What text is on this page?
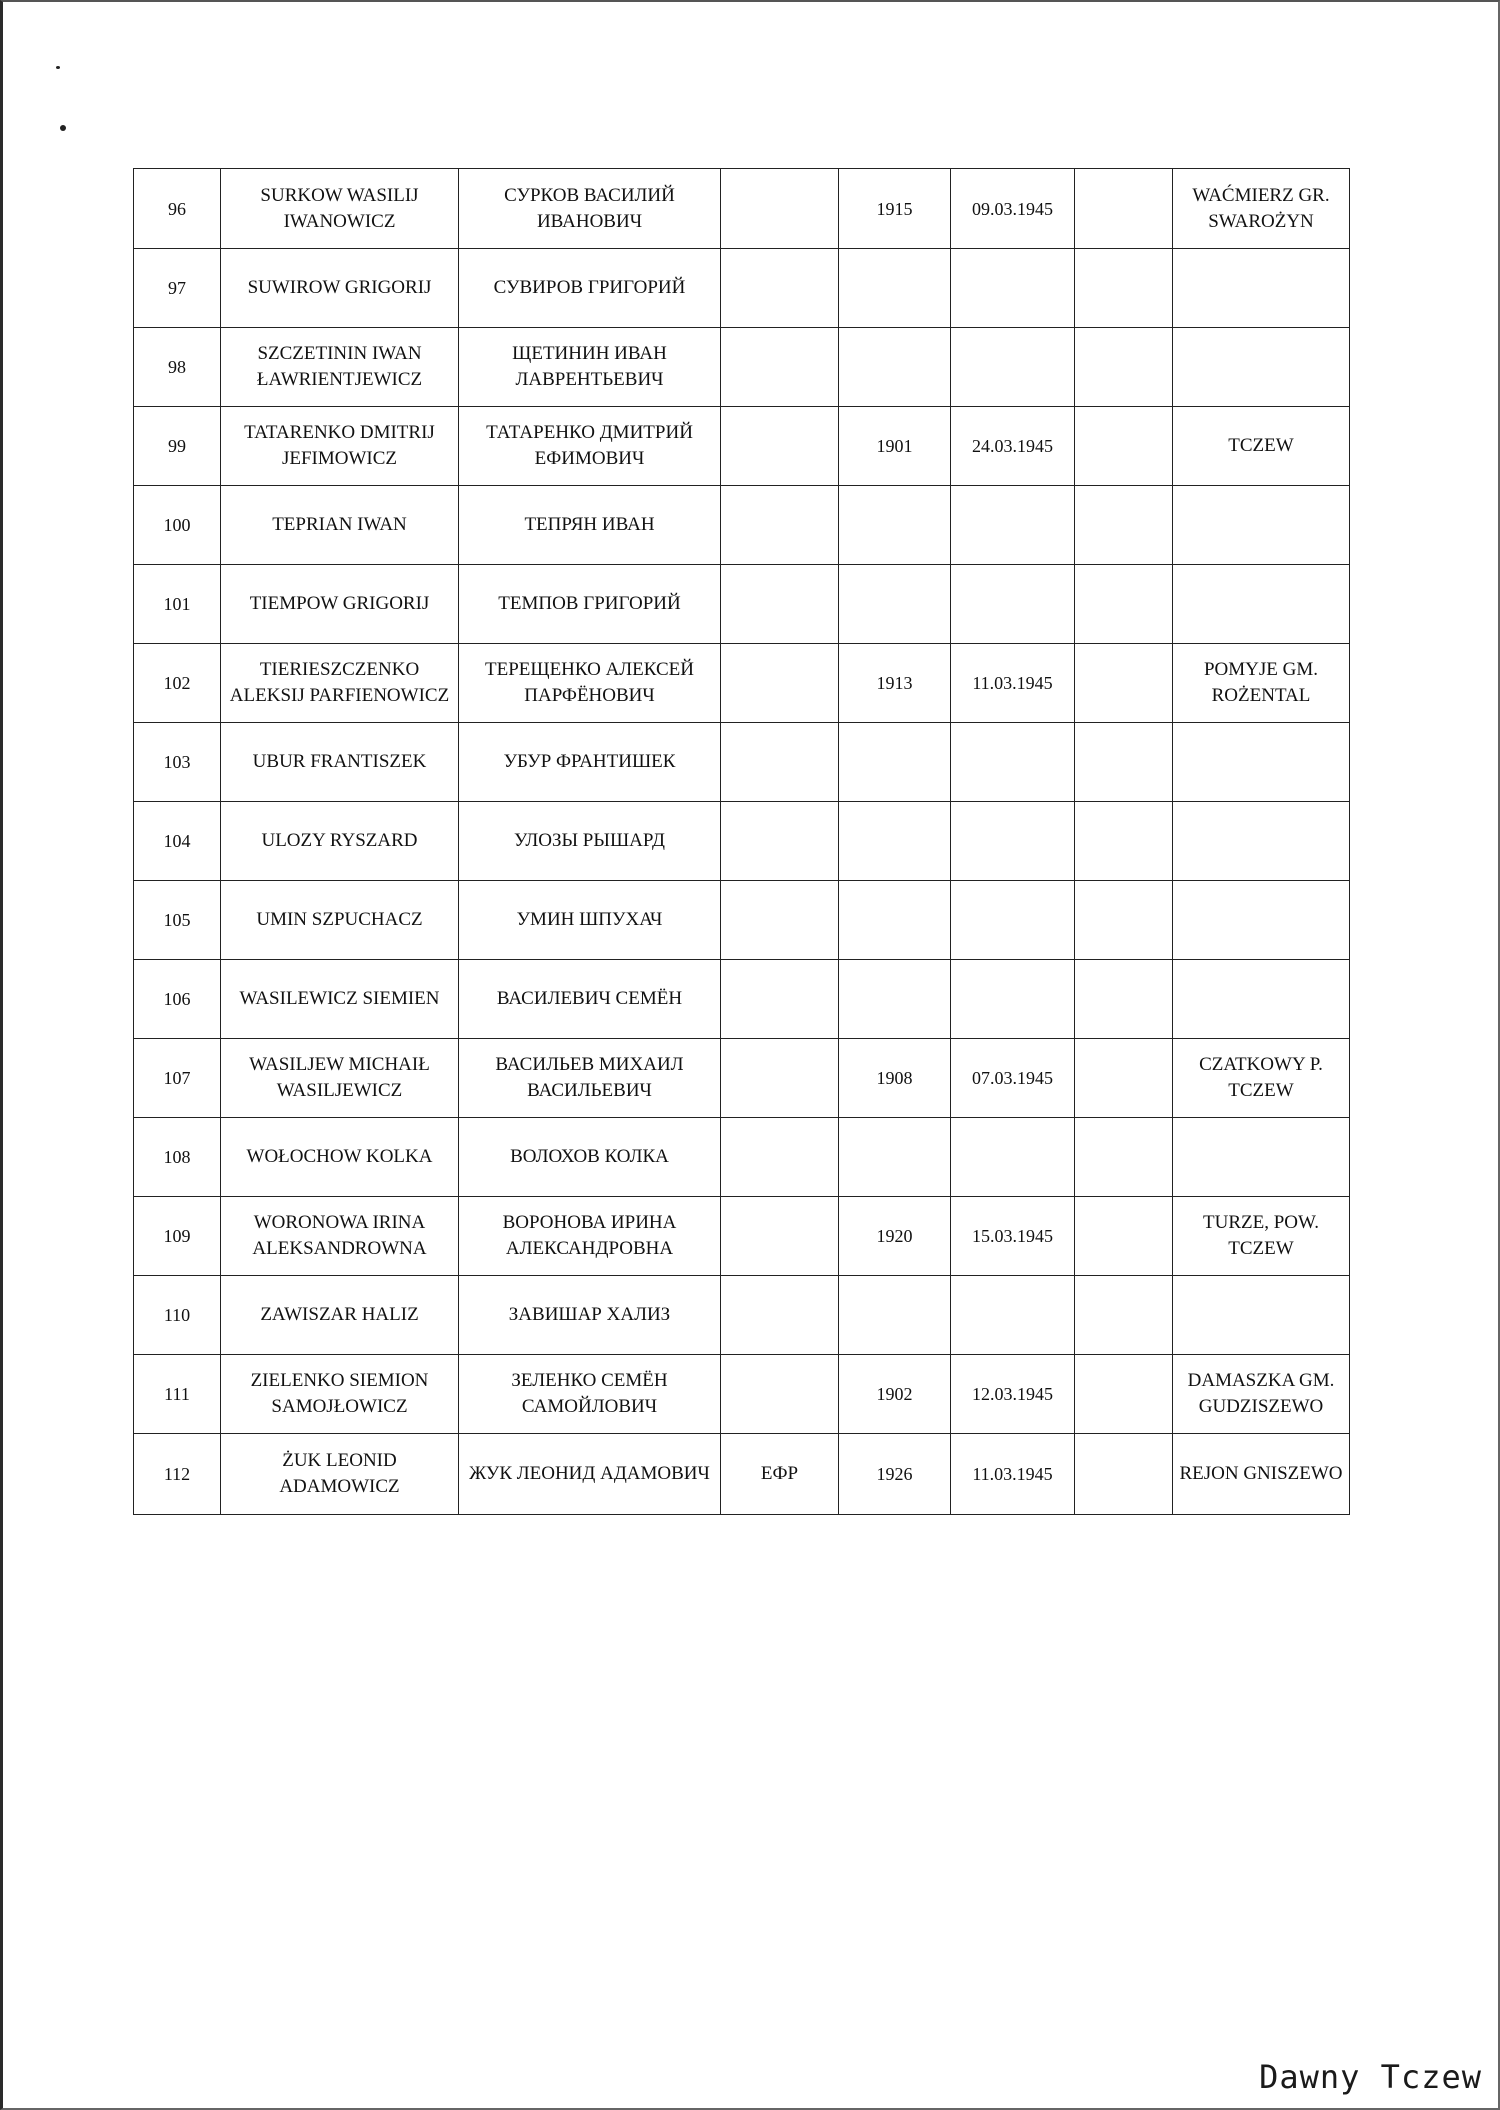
96	SURKOW WASILIJ IWANOWICZ	СУРКОВ ВАСИЛИЙ ИВАНОВИЧ		1915	09.03.1945		WAĆMIERZ GR. SWAROŻYN
97	SUWIROW GRIGORIJ	СУВИРОВ ГРИГОРИЙ					
98	SZCZETININ IWAN ŁAWRIENTJEWICZ	ЩЕТИНИН ИВАН ЛАВРЕНТЬЕВИЧ					
99	TATARENKO DMITRIJ JEFIMOWICZ	ТАТАРЕНКО ДМИТРИЙ ЕФИМОВИЧ		1901	24.03.1945		TCZEW
100	TEPRIAN IWAN	ТЕПРЯН ИВАН					
101	TIEMPOW GRIGORIJ	ТЕМПОВ ГРИГОРИЙ					
102	TIERIESZCZENKO ALEKSIJ PARFIENOWICZ	ТЕРЕЩЕНКО АЛЕКСЕЙ ПАРФЁНОВИЧ		1913	11.03.1945		POMYJE GM. ROŻENTAL
103	UBUR FRANTISZEK	УБУР ФРАНТИШЕК					
104	ULOZY RYSZARD	УЛОЗЫ РЫШАРД					
105	UMIN SZPUCHACZ	УМИН ШПУХАЧ					
106	WASILEWICZ SIEMIEN	ВАСИЛЕВИЧ СЕМЁН					
107	WASILJEW MICHAIŁ WASILJEWICZ	ВАСИЛЬЕВ МИХАИЛ ВАСИЛЬЕВИЧ		1908	07.03.1945		CZATKOWY P. TCZEW
108	WOŁOCHOW KOLKA	ВОЛОХОВ КОЛКА					
109	WORONOWA IRINA ALEKSANDROWNA	ВОРОНОВА ИРИНА АЛЕКСАНДРОВНА		1920	15.03.1945		TURZE, POW. TCZEW
110	ZAWISZAR HALIZ	ЗАВИШАР ХАЛИЗ					
111	ZIELENKO SIEMION SAMOJŁOWICZ	ЗЕЛЕНКО СЕМЁН САМОЙЛОВИЧ		1902	12.03.1945		DAMASZKA GM. GUDZISZEWO
112	ŻUK LEONID ADAMOWICZ	ЖУК ЛЕОНИД АДАМОВИЧ	ЕФР	1926	11.03.1945		REJON GNISZEWO
Dawny Tczew
